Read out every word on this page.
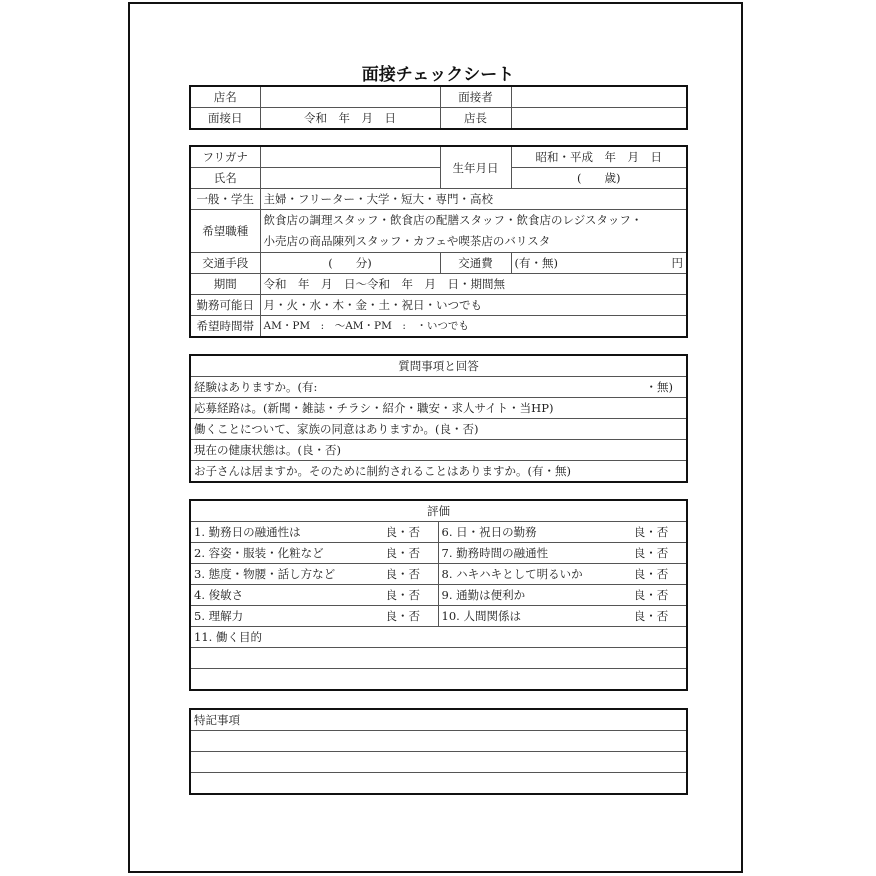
面接チェックシート
店名		面接者	
面接日	令和　年　月　日	店長	
フリガナ		生年月日	昭和・平成　年　月　日
氏名			(　　歳)
一般・学生	主婦・フリーター・大学・短大・専門・高校		
希望職種	飲食店の調理スタッフ・飲食店の配膳スタッフ・飲食店のレジスタッフ・
小売店の商品陳列スタッフ・カフェや喫茶店のバリスタ		

交通手段	(　　分)	交通費	(有・無) 円

期間	令和　年　月　日～令和　年　月　日・期間無		
勤務可能日	月・火・水・木・金・土・祝日・いつでも		
希望時間帯	AM・PM　:　～AM・PM　:　・いつでも		
質問事項と回答
経験はありますか。(有:	・無)

応募経路は。(新聞・雑誌・チラシ・紹介・職安・求人サイト・当HP)
働くことについて、家族の同意はありますか。(良・否)
現在の健康状態は。(良・否)
お子さんは居ますか。そのために制約されることはありますか。(有・無)
評価			
1. 勤務日の融通性は	良・否	6. 日・祝日の勤務	良・否
2. 容姿・服装・化粧など	良・否	7. 勤務時間の融通性	良・否
3. 態度・物腰・話し方など	良・否	8. ハキハキとして明るいか	良・否
4. 俊敏さ	良・否	9. 通勤は便利か	良・否
5. 理解力	良・否	10. 人間関係は	良・否
11. 働く目的			

特記事項
